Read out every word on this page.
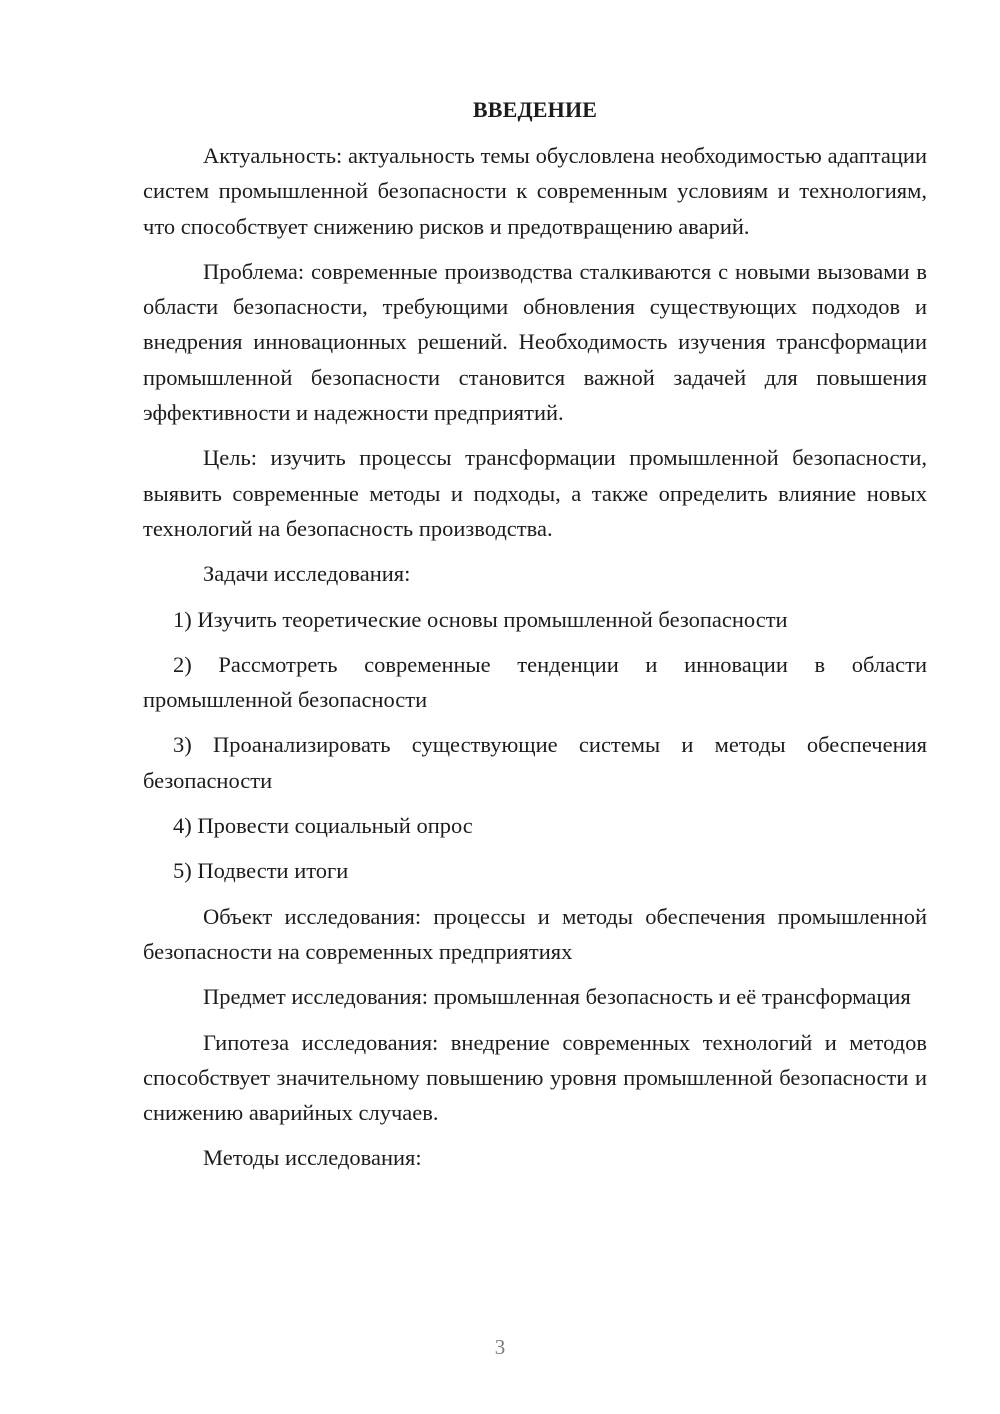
ВВЕДЕНИЕ

Актуальность: актуальность темы обусловлена необходимостью адаптации систем промышленной безопасности к современным условиям и технологиям, что способствует снижению рисков и предотвращению аварий.

Проблема: современные производства сталкиваются с новыми вызовами в области безопасности, требующими обновления существующих подходов и внедрения инновационных решений. Необходимость изучения трансформации промышленной безопасности становится важной задачей для повышения эффективности и надежности предприятий.

Цель: изучить процессы трансформации промышленной безопасности, выявить современные методы и подходы, а также определить влияние новых технологий на безопасность производства.

Задачи исследования:

1) Изучить теоретические основы промышленной безопасности

2) Рассмотреть современные тенденции и инновации в области промышленной безопасности

3) Проанализировать существующие системы и методы обеспечения безопасности

4) Провести социальный опрос

5) Подвести итоги

Объект исследования: процессы и методы обеспечения промышленной безопасности на современных предприятиях

Предмет исследования: промышленная безопасность и её трансформация

Гипотеза исследования: внедрение современных технологий и методов способствует значительному повышению уровня промышленной безопасности и снижению аварийных случаев.

Методы исследования:

3
